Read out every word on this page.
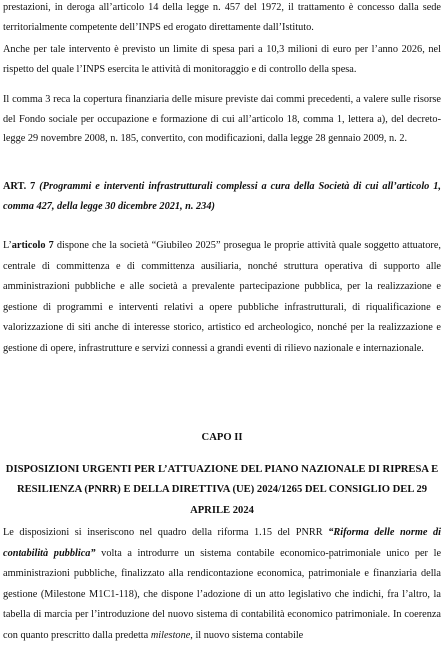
prestazioni, in deroga all’articolo 14 della legge n. 457 del 1972, il trattamento è concesso dalla sede territorialmente competente dell’INPS ed erogato direttamente dall’Istituto.

Anche per tale intervento è previsto un limite di spesa pari a 10,3 milioni di euro per l’anno 2026, nel rispetto del quale l’INPS esercita le attività di monitoraggio e di controllo della spesa.

Il comma 3 reca la copertura finanziaria delle misure previste dai commi precedenti, a valere sulle risorse del Fondo sociale per occupazione e formazione di cui all’articolo 18, comma 1, lettera a), del decreto-legge 29 novembre 2008, n. 185, convertito, con modificazioni, dalla legge 28 gennaio 2009, n. 2.

ART. 7 (Programmi e interventi infrastrutturali complessi a cura della Società di cui all’articolo 1, comma 427, della legge 30 dicembre 2021, n. 234)

L’articolo 7 dispone che la società “Giubileo 2025” prosegua le proprie attività quale soggetto attuatore, centrale di committenza e di committenza ausiliaria, nonché struttura operativa di supporto alle amministrazioni pubbliche e alle società a prevalente partecipazione pubblica, per la realizzazione e gestione di programmi e interventi relativi a opere pubbliche infrastrutturali, di riqualificazione e valorizzazione di siti anche di interesse storico, artistico ed archeologico, nonché per la realizzazione e gestione di opere, infrastrutture e servizi connessi a grandi eventi di rilievo nazionale e internazionale.

CAPO II
DISPOSIZIONI URGENTI PER L’ATTUAZIONE DEL PIANO NAZIONALE DI RIPRESA E RESILIENZA (PNRR) E DELLA DIRETTIVA (UE) 2024/1265 DEL CONSIGLIO DEL 29 APRILE 2024

Le disposizioni si inseriscono nel quadro della riforma 1.15 del PNRR “Riforma delle norme di contabilità pubblica” volta a introdurre un sistema contabile economico-patrimoniale unico per le amministrazioni pubbliche, finalizzato alla rendicontazione economica, patrimoniale e finanziaria della gestione (Milestone M1C1-118), che dispone l’adozione di un atto legislativo che indichi, fra l’altro, la tabella di marcia per l’introduzione del nuovo sistema di contabilità economico patrimoniale. In coerenza con quanto prescritto dalla predetta milestone, il nuovo sistema contabile
